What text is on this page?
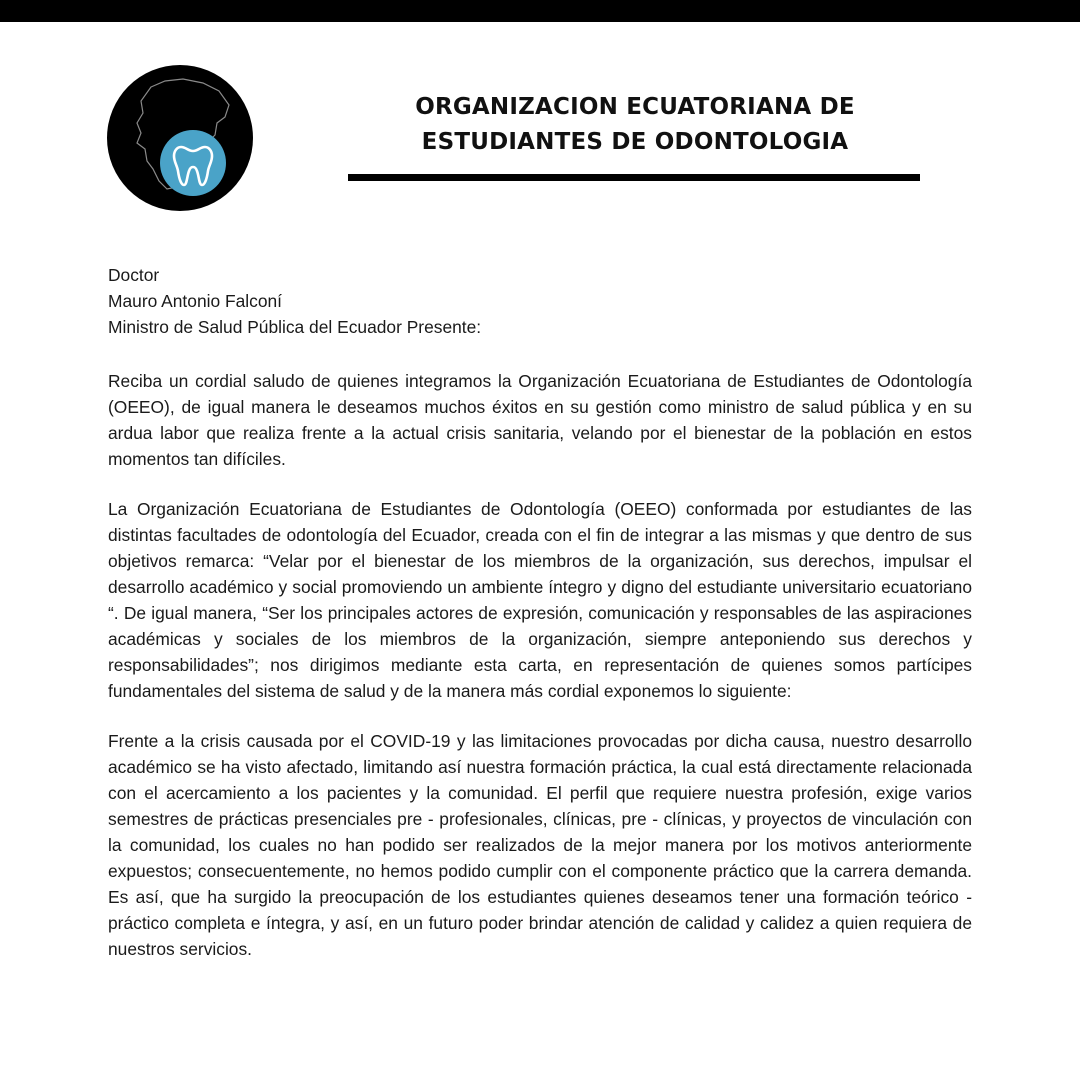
ORGANIZACION ECUATORIANA DE ESTUDIANTES DE ODONTOLOGIA
Doctor
Mauro Antonio Falconí
Ministro de Salud Pública del Ecuador Presente:

Reciba un cordial saludo de quienes integramos la Organización Ecuatoriana de Estudiantes de Odontología (OEEO), de igual manera le deseamos muchos éxitos en su gestión como ministro de salud pública y en su ardua labor que realiza frente a la actual crisis sanitaria, velando por el bienestar de la población en estos momentos tan difíciles.

La Organización Ecuatoriana de Estudiantes de Odontología (OEEO) conformada por estudiantes de las distintas facultades de odontología del Ecuador, creada con el fin de integrar a las mismas y que dentro de sus objetivos remarca: “Velar por el bienestar de los miembros de la organización, sus derechos, impulsar el desarrollo académico y social promoviendo un ambiente íntegro y digno del estudiante universitario ecuatoriano “. De igual manera, “Ser los principales actores de expresión, comunicación y responsables de las aspiraciones académicas y sociales de los miembros de la organización, siempre anteponiendo sus derechos y responsabilidades”; nos dirigimos mediante esta carta, en representación de quienes somos partícipes fundamentales del sistema de salud y de la manera más cordial exponemos lo siguiente:

Frente a la crisis causada por el COVID-19 y las limitaciones provocadas por dicha causa, nuestro desarrollo académico se ha visto afectado, limitando así nuestra formación práctica, la cual está directamente relacionada con el acercamiento a los pacientes y la comunidad. El perfil que requiere nuestra profesión, exige varios semestres de prácticas presenciales pre - profesionales, clínicas, pre - clínicas, y proyectos de vinculación con la comunidad, los cuales no han podido ser realizados de la mejor manera por los motivos anteriormente expuestos; consecuentemente, no hemos podido cumplir con el componente práctico que la carrera demanda. Es así, que ha surgido la preocupación de los estudiantes quienes deseamos tener una formación teórico - práctico completa e íntegra, y así, en un futuro poder brindar atención de calidad y calidez a quien requiera de nuestros servicios.
